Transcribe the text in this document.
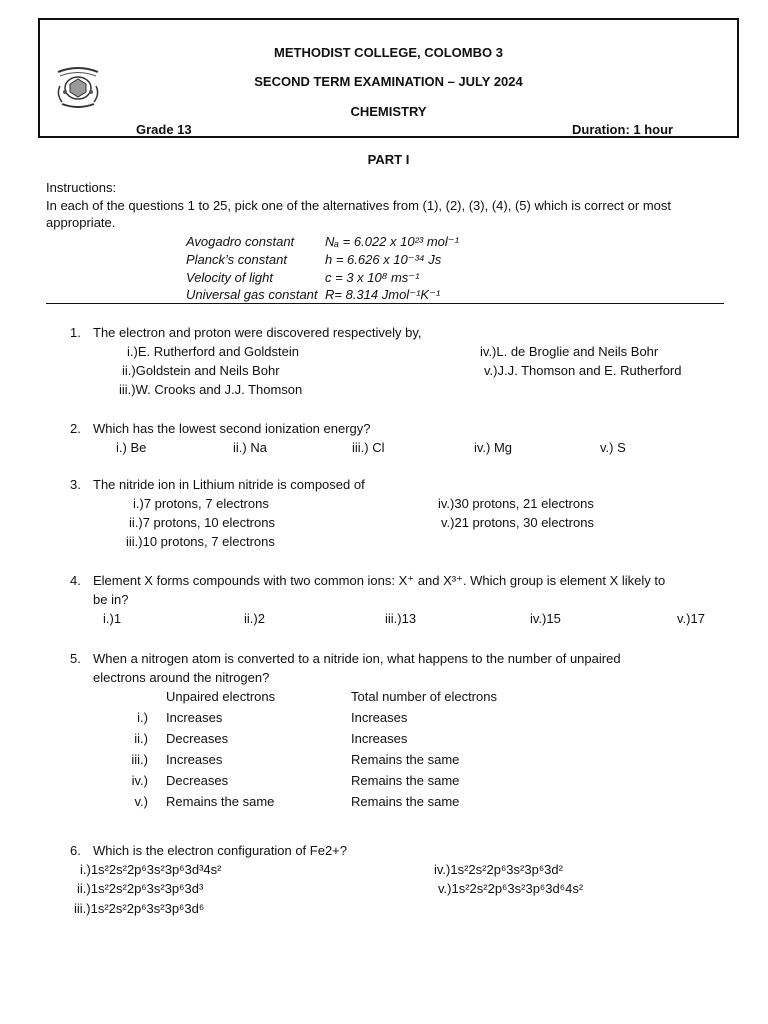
METHODIST COLLEGE, COLOMBO 3
SECOND TERM EXAMINATION – JULY 2024
CHEMISTRY
Grade 13	Duration: 1 hour
PART I
Instructions:
In each of the questions 1 to 25, pick one of the alternatives from (1), (2), (3), (4), (5) which is correct or most
appropriate.
Avogadro constant Nₐ = 6.022 x 10²³ mol⁻¹
Planck’s constant	h = 6.626 x 10⁻³⁴ Js
Velocity of light	c = 3 x 10⁸ ms⁻¹
Universal gas constant R= 8.314 Jmol⁻¹K⁻¹
1. The electron and proton were discovered respectively by,
i.)E. Rutherford and Goldstein
ii.)Goldstein and Neils Bohr
iii.)W. Crooks and J.J. Thomson
iv.)L. de Broglie and Neils Bohr
v.)J.J. Thomson and E. Rutherford
2. Which has the lowest second ionization energy?
i.) Be	ii.) Na	iii.) Cl	iv.) Mg	v.) S
3. The nitride ion in Lithium nitride is composed of
i.)7 protons, 7 electrons
ii.)7 protons, 10 electrons
iii.)10 protons, 7 electrons
iv.)30 protons, 21 electrons
v.)21 protons, 30 electrons
4. Element X forms compounds with two common ions: X⁺ and X³⁺. Which group is element X likely to
be in?
i.)1	ii.)2	iii.)13	iv.)15	v.)17
5. When a nitrogen atom is converted to a nitride ion, what happens to the number of unpaired
electrons around the nitrogen?
Unpaired electrons	Total number of electrons
i.) Increases	Increases
ii.) Decreases	Increases
iii.) Increases	Remains the same
iv.) Decreases	Remains the same
v.) Remains the same	Remains the same
6. Which is the electron configuration of Fe2+?
i.)1s²2s²2p⁶3s²3p⁶3d³4s²
ii.)1s²2s²2p⁶3s²3p⁶3d³
iii.)1s²2s²2p⁶3s²3p⁶3d⁶
iv.)1s²2s²2p⁶3s²3p⁶3d²
v.)1s²2s²2p⁶3s²3p⁶3d⁶4s²
